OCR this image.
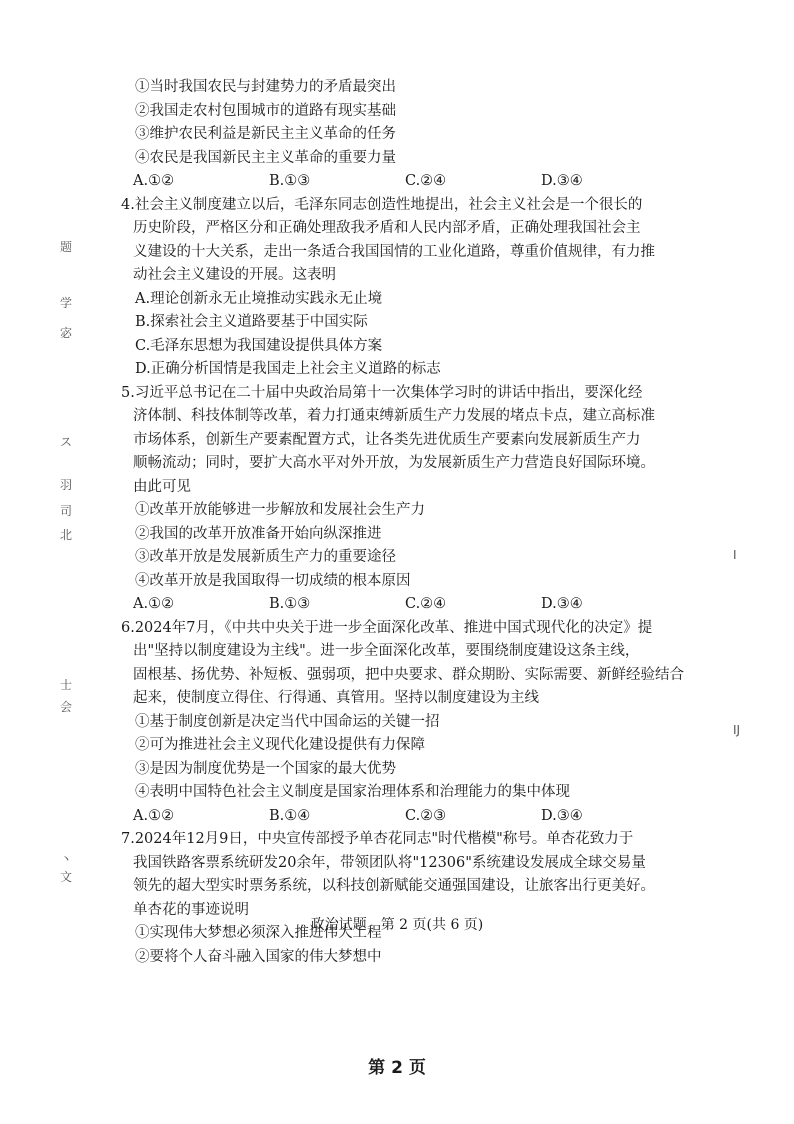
①当时我国农民与封建势力的矛盾最突出
②我国走农村包围城市的道路有现实基础
③维护农民利益是新民主主义革命的任务
④农民是我国新民主主义革命的重要力量
A.①②	B.①③	C.②④	D.③④
4.社会主义制度建立以后，毛泽东同志创造性地提出，社会主义社会是一个很长的
历史阶段，严格区分和正确处理敌我矛盾和人民内部矛盾，正确处理我国社会主
义建设的十大关系，走出一条适合我国国情的工业化道路，尊重价值规律，有力推
动社会主义建设的开展。这表明
A.理论创新永无止境推动实践永无止境
B.探索社会主义道路要基于中国实际
C.毛泽东思想为我国建设提供具体方案
D.正确分析国情是我国走上社会主义道路的标志
5.习近平总书记在二十届中央政治局第十一次集体学习时的讲话中指出，要深化经
济体制、科技体制等改革，着力打通束缚新质生产力发展的堵点卡点，建立高标准
市场体系，创新生产要素配置方式，让各类先进优质生产要素向发展新质生产力
顺畅流动；同时，要扩大高水平对外开放，为发展新质生产力营造良好国际环境。
由此可见
①改革开放能够进一步解放和发展社会生产力
②我国的改革开放准备开始向纵深推进
③改革开放是发展新质生产力的重要途径
④改革开放是我国取得一切成绩的根本原因
A.①②	B.①③	C.②④	D.③④
6.2024年7月，《中共中央关于进一步全面深化改革、推进中国式现代化的决定》提
出"坚持以制度建设为主线"。进一步全面深化改革，要围绕制度建设这条主线，
固根基、扬优势、补短板、强弱项，把中央要求、群众期盼、实际需要、新鲜经验结合
起来，使制度立得住、行得通、真管用。坚持以制度建设为主线
①基于制度创新是决定当代中国命运的关键一招
②可为推进社会主义现代化建设提供有力保障
③是因为制度优势是一个国家的最大优势
④表明中国特色社会主义制度是国家治理体系和治理能力的集中体现
A.①②	B.①④	C.②③	D.③④
7.2024年12月9日，中央宣传部授予单杏花同志"时代楷模"称号。单杏花致力于
我国铁路客票系统研发20余年，带领团队将"12306"系统建设发展成全球交易量
领先的超大型实时票务系统，以科技创新赋能交通强国建设，让旅客出行更美好。
单杏花的事迹说明
①实现伟大梦想必须深入推进伟大工程
②要将个人奋斗融入国家的伟大梦想中
政治试题　第 2 页(共 6 页)
第 2 页
题
学
宓
ス
羽
司
北
士
会
丶
文
I
IJ
